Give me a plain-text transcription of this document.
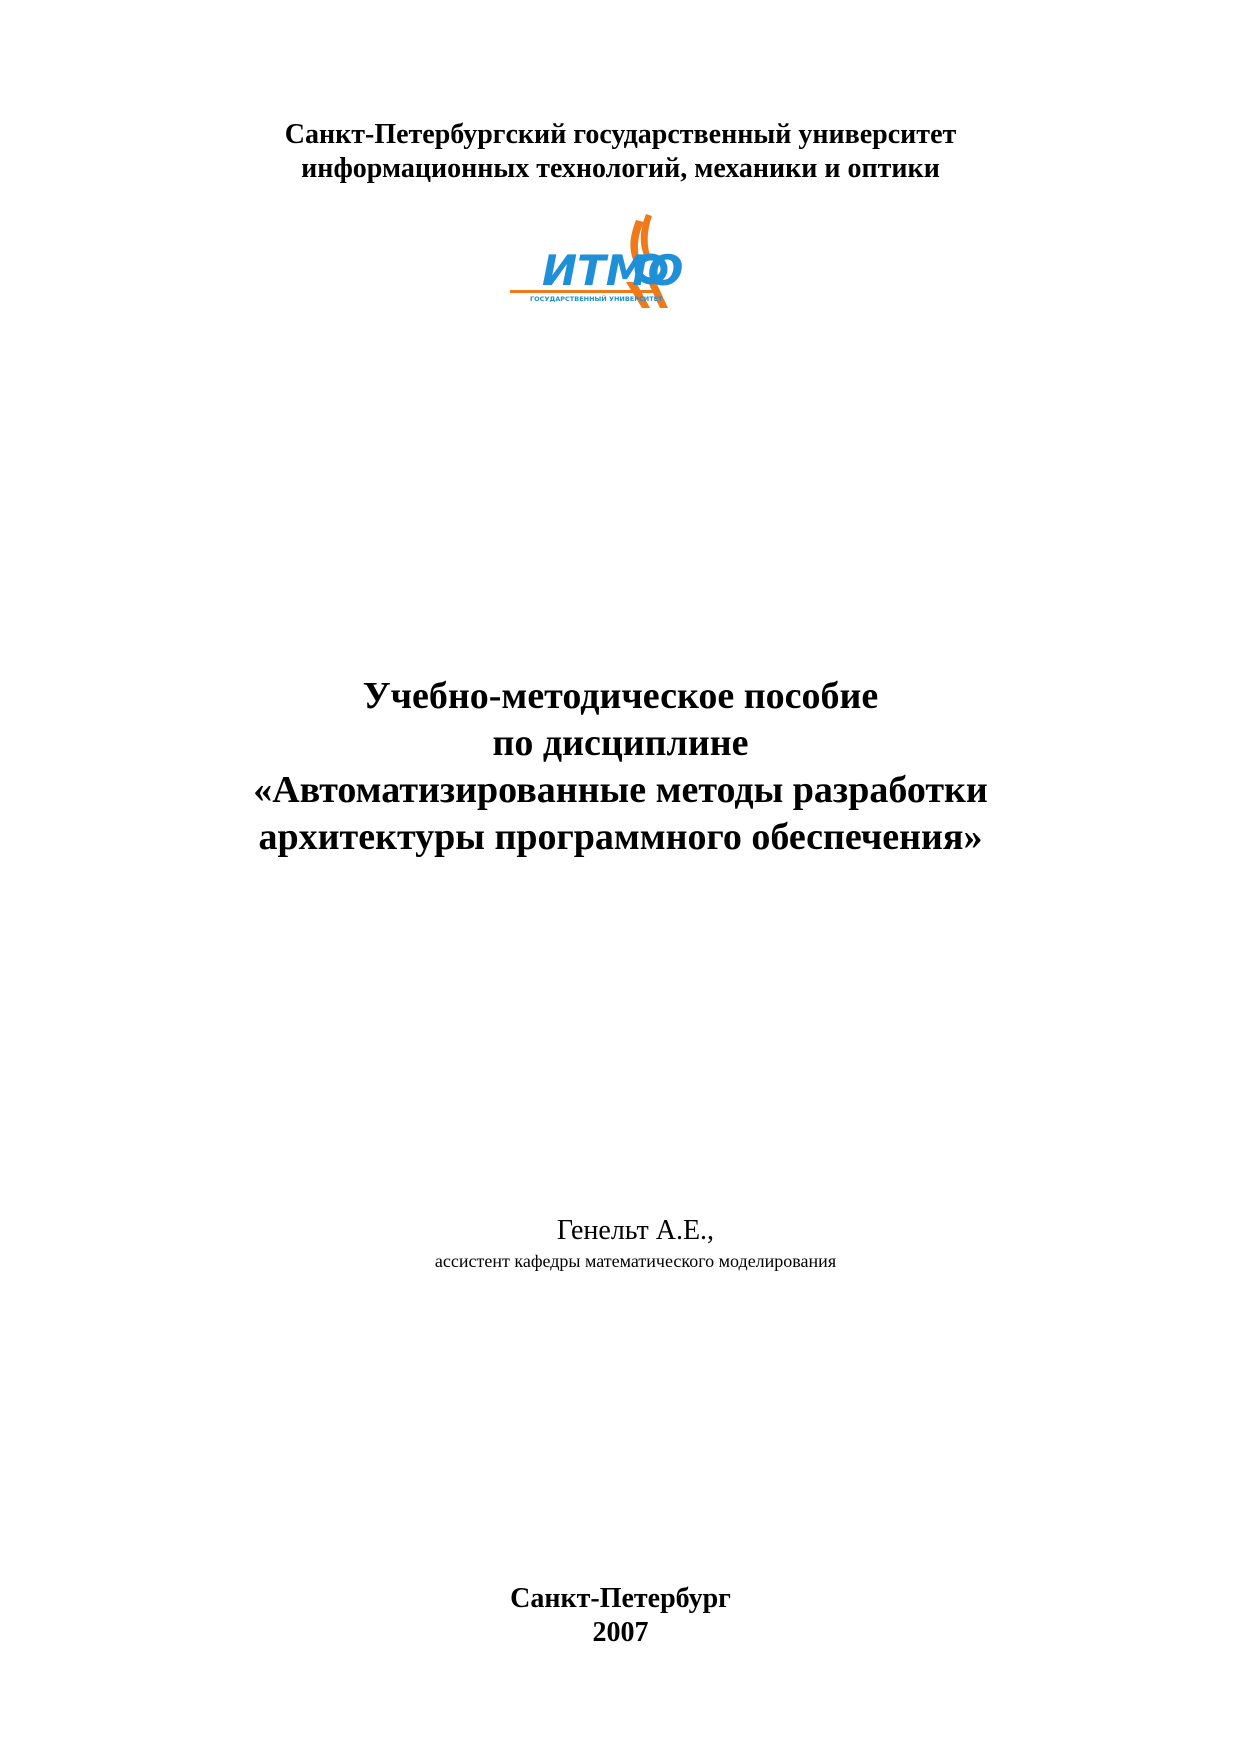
Санкт-Петербургский государственный университет
информационных технологий, механики и оптики
ИТМО
ГОСУДАРСТВЕННЫЙ УНИВЕРСИТЕТ
Учебно-методическое пособие
по дисциплине
«Автоматизированные методы разработки
архитектуры программного обеспечения»
Генельт А.Е.,
ассистент кафедры математического моделирования
Санкт-Петербург
2007
